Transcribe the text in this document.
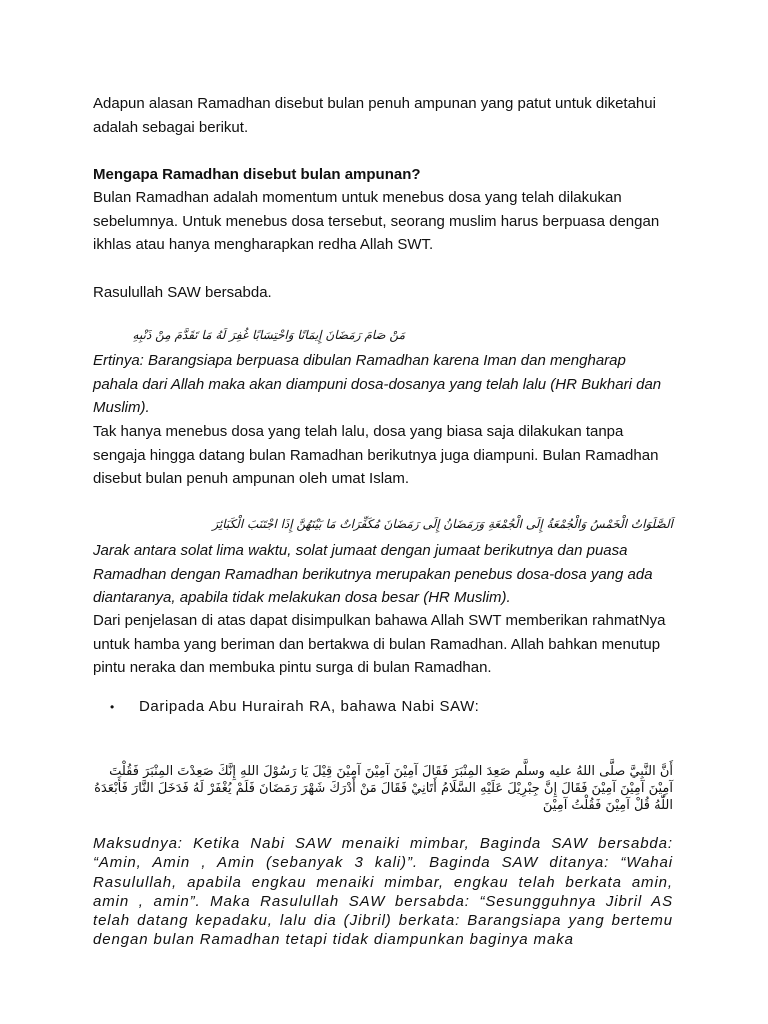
Adapun alasan Ramadhan disebut bulan penuh ampunan yang patut untuk diketahui adalah sebagai berikut.

Mengapa Ramadhan disebut bulan ampunan?

Bulan Ramadhan adalah momentum untuk menebus dosa yang telah dilakukan sebelumnya. Untuk menebus dosa tersebut, seorang muslim harus berpuasa dengan ikhlas atau hanya mengharapkan redha Allah SWT.

Rasulullah SAW bersabda.

مَنْ صَامَ رَمَضَانَ إِيمَانًا وَاحْتِسَابًا غُفِرَ لَهُ مَا تَقَدَّمَ مِنْ ذَنْبِهِ

Ertinya: Barangsiapa berpuasa dibulan Ramadhan karena Iman dan mengharap pahala dari Allah maka akan diampuni dosa-dosanya yang telah lalu (HR Bukhari dan Muslim).

Tak hanya menebus dosa yang telah lalu, dosa yang biasa saja dilakukan tanpa sengaja hingga datang bulan Ramadhan berikutnya juga diampuni. Bulan Ramadhan disebut bulan penuh ampunan oleh umat Islam.

اَلصَّلَوَاتُ الْخَمْسُ وَالْجُمْعَةُ إِلَى الْجُمْعَةِ وَرَمَضَانُ إِلَى رَمَضَانَ مُكَفِّرَاتٌ مَا بَيْنَهُنَّ إِذَا اجْتَنَبَ الْكَبَائِرَ

Jarak antara solat lima waktu, solat jumaat dengan jumaat berikutnya dan puasa Ramadhan dengan Ramadhan berikutnya merupakan penebus dosa-dosa yang ada diantaranya, apabila tidak melakukan dosa besar (HR Muslim).

Dari penjelasan di atas dapat disimpulkan bahawa Allah SWT memberikan rahmatNya untuk hamba yang beriman dan bertakwa di bulan Ramadhan. Allah bahkan menutup pintu neraka dan membuka pintu surga di bulan Ramadhan.

•	Daripada Abu Hurairah RA, bahawa Nabi SAW:

أَنَّ النَّبِيَّ صلَّى اللهُ عليه وسلَّم صَعِدَ المِنْبَرَ فَقَالَ آمِيْنَ آمِيْنَ آمِيْنَ قِيْلَ يَا رَسُوْلَ اللهِ إِنَّكَ صَعِدْتَ المِنْبَرَ فَقُلْتَ آمِيْنَ آمِيْنَ آمِيْنَ فَقَالَ إِنَّ جِبْرِيْلَ عَلَيْهِ السَّلَامُ أَتَانِيْ فَقَالَ مَنْ أَدْرَكَ شَهْرَ رَمَضَانَ فَلَمْ يُغْفَرْ لَهُ فَدَخَلَ النَّارَ فَأَبْعَدَهُ اللّٰهُ قُلْ آمِيْنَ فَقُلْتُ آمِيْنَ

Maksudnya: Ketika Nabi SAW menaiki mimbar, Baginda SAW bersabda: “Amin, Amin , Amin (sebanyak 3 kali)”. Baginda SAW ditanya: “Wahai Rasulullah, apabila engkau menaiki mimbar, engkau telah berkata amin, amin , amin”. Maka Rasulullah SAW bersabda: “Sesungguhnya Jibril AS telah datang kepadaku, lalu dia (Jibril) berkata: Barangsiapa yang bertemu dengan bulan Ramadhan tetapi tidak diampunkan baginya maka
